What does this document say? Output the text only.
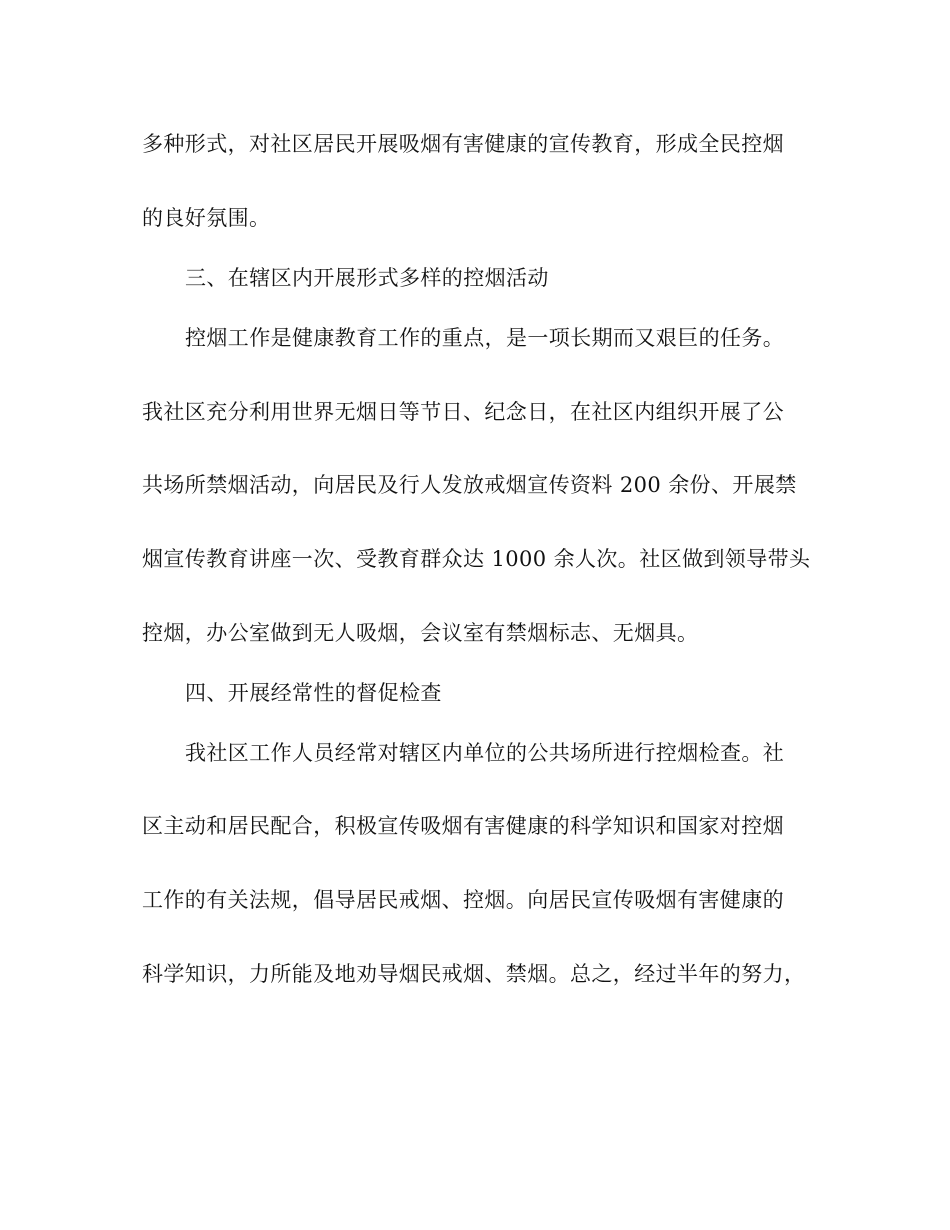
多种形式，对社区居民开展吸烟有害健康的宣传教育，形成全民控烟
的良好氛围。
三、在辖区内开展形式多样的控烟活动
控烟工作是健康教育工作的重点，是一项长期而又艰巨的任务。
我社区充分利用世界无烟日等节日、纪念日，在社区内组织开展了公
共场所禁烟活动，向居民及行人发放戒烟宣传资料 200 余份、开展禁
烟宣传教育讲座一次、受教育群众达 1000 余人次。社区做到领导带头
控烟，办公室做到无人吸烟，会议室有禁烟标志、无烟具。
四、开展经常性的督促检查
我社区工作人员经常对辖区内单位的公共场所进行控烟检查。社
区主动和居民配合，积极宣传吸烟有害健康的科学知识和国家对控烟
工作的有关法规，倡导居民戒烟、控烟。向居民宣传吸烟有害健康的
科学知识，力所能及地劝导烟民戒烟、禁烟。总之，经过半年的努力，
